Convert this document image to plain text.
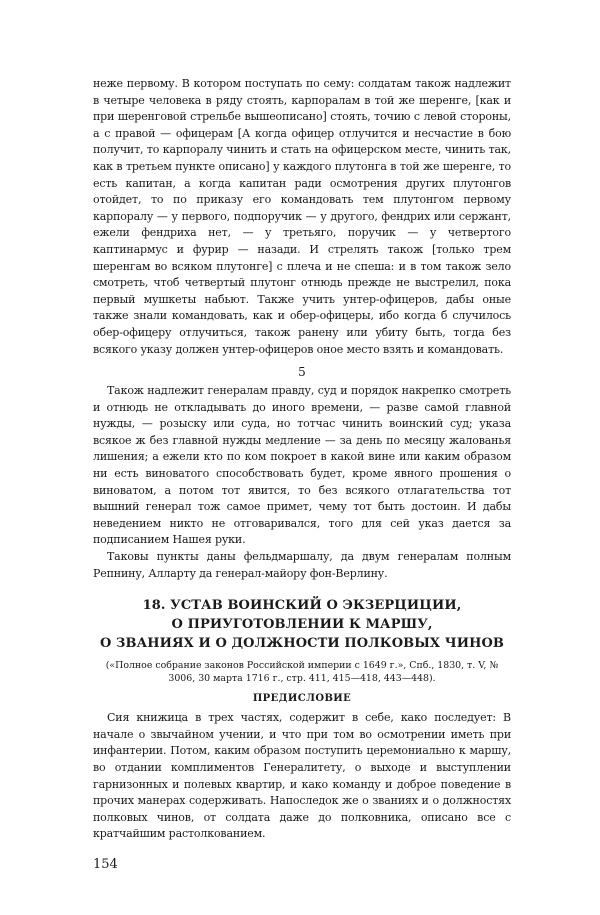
неже первому. В котором поступать по сему: солдатам також надлежит в четыре человека в ряду стоять, карпоралам в той же шеренге, [как и при шеренговой стрельбе вышеописано] стоять, точию с левой стороны, а с правой — офицерам [А когда офицер отлучится и несчастие в бою получит, то карпоралу чинить и стать на офицерском месте, чинить так, как в третьем пункте описано] у каждого плутонга в той же шеренге, то есть капитан, а когда капитан ради осмотрения других плутонгов отойдет, то по приказу его командовать тем плутонгом первому карпоралу — у первого, подпоручик — у другого, фендрих или сержант, ежели фендриха нет, — у третьяго, поручик — у четвертого каптинармус и фурир — назади. И стрелять також [только трем шеренгам во всяком плутонге] с плеча и не спеша: и в том також зело смотреть, чтоб четвертый плутонг отнюдь прежде не выстрелил, пока первый мушкеты набьют. Также учить унтер-офицеров, дабы оные также знали командовать, как и обер-офицеры, ибо когда б случилось обер-офицеру отлучиться, також ранену или убиту быть, тогда без всякого указу должен унтер-офицеров оное место взять и командовать.

5

Також надлежит генералам правду, суд и порядок накрепко смотреть и отнюдь не откладывать до иного времени, — разве самой главной нужды, — розыску или суда, но тотчас чинить воинский суд; указа всякое ж без главной нужды медление — за день по месяцу жалованья лишения; а ежели кто по ком покроет в какой вине или каким образом ни есть виноватого способствовать будет, кроме явного прошения о виноватом, а потом тот явится, то без всякого отлагательства тот вышний генерал тож самое примет, чему тот быть достоин. И дабы неведением никто не отговаривался, того для сей указ дается за подписанием Нашея руки.

Таковы пункты даны фельдмаршалу, да двум генералам полным Репнину, Алларту да генерал-майору фон-Верлину.

18. УСТАВ ВОИНСКИЙ О ЭКЗЕРЦИЦИИ,
О ПРИУГОТОВЛЕНИИ К МАРШУ,
О ЗВАНИЯХ И О ДОЛЖНОСТИ ПОЛКОВЫХ ЧИНОВ
(«Полное собрание законов Российской империи с 1649 г.», Спб., 1830, т. V, № 3006, 30 марта 1716 г., стр. 411, 415—418, 443—448).
ПРЕДИСЛОВИЕ

Сия книжица в трех частях, содержит в себе, како последует: В начале о звычайном учении, и что при том во осмотрении иметь при инфантерии. Потом, каким образом поступить церемониально к маршу, во отдании комплиментов Генералитету, о выходе и выступлении гарнизонных и полевых квартир, и како команду и доброе поведение в прочих манерах содерживать. Напоследок же о званиях и о должностях полковых чинов, от солдата даже до полковника, описано все с кратчайшим растолкованием.

154
